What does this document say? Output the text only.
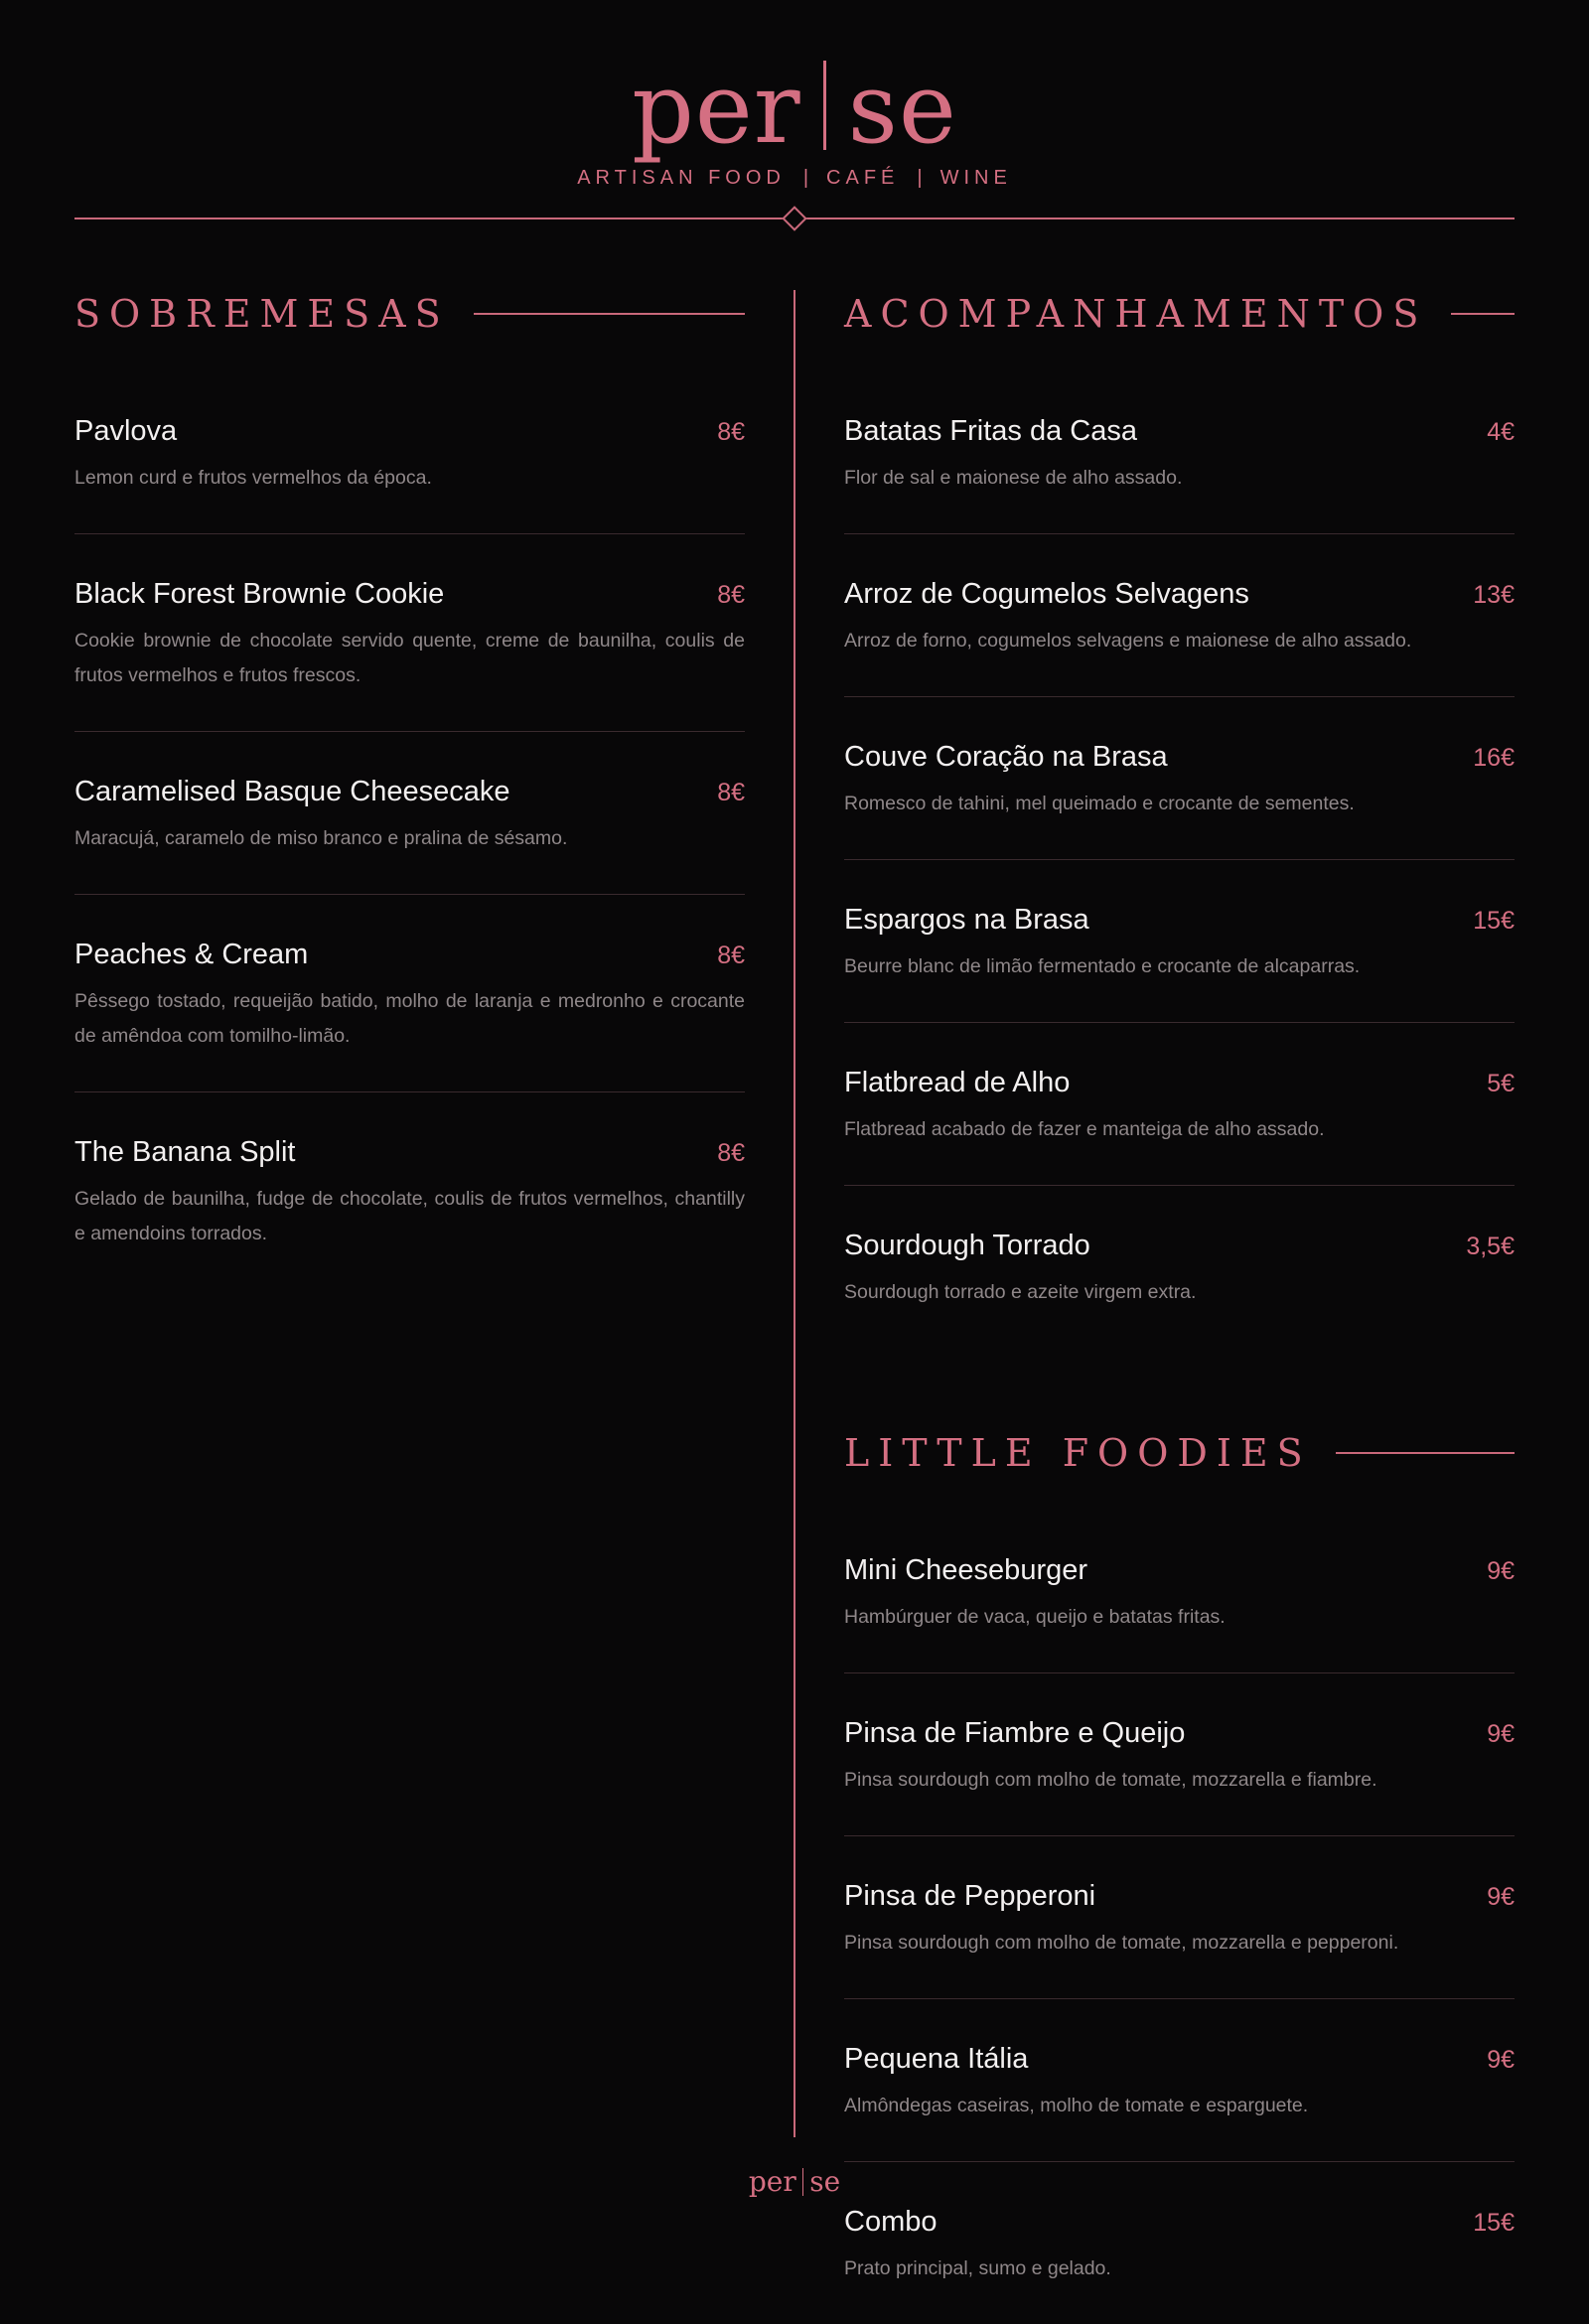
per se
ARTISAN FOOD | CAFÉ | WINE
SOBREMESAS
Pavlova	8€
Lemon curd e frutos vermelhos da época.
Black Forest Brownie Cookie	8€
Cookie brownie de chocolate servido quente, creme de baunilha, coulis de frutos vermelhos e frutos frescos.
Caramelised Basque Cheesecake	8€
Maracujá, caramelo de miso branco e pralina de sésamo.
Peaches & Cream	8€
Pêssego tostado, requeijão batido, molho de laranja e medronho e crocante de amêndoa com tomilho-limão.
The Banana Split	8€
Gelado de baunilha, fudge de chocolate, coulis de frutos vermelhos, chantilly e amendoins torrados.
ACOMPANHAMENTOS
Batatas Fritas da Casa	4€
Flor de sal e maionese de alho assado.
Arroz de Cogumelos Selvagens	13€
Arroz de forno, cogumelos selvagens e maionese de alho assado.
Couve Coração na Brasa	16€
Romesco de tahini, mel queimado e crocante de sementes.
Espargos na Brasa	15€
Beurre blanc de limão fermentado e crocante de alcaparras.
Flatbread de Alho	5€
Flatbread acabado de fazer e manteiga de alho assado.
Sourdough Torrado	3,5€
Sourdough torrado e azeite virgem extra.
LITTLE FOODIES
Mini Cheeseburger	9€
Hambúrguer de vaca, queijo e batatas fritas.
Pinsa de Fiambre e Queijo	9€
Pinsa sourdough com molho de tomate, mozzarella e fiambre.
Pinsa de Pepperoni	9€
Pinsa sourdough com molho de tomate, mozzarella e pepperoni.
Pequena Itália	9€
Almôndegas caseiras, molho de tomate e esparguete.
Combo	15€
Prato principal, sumo e gelado.
per se
